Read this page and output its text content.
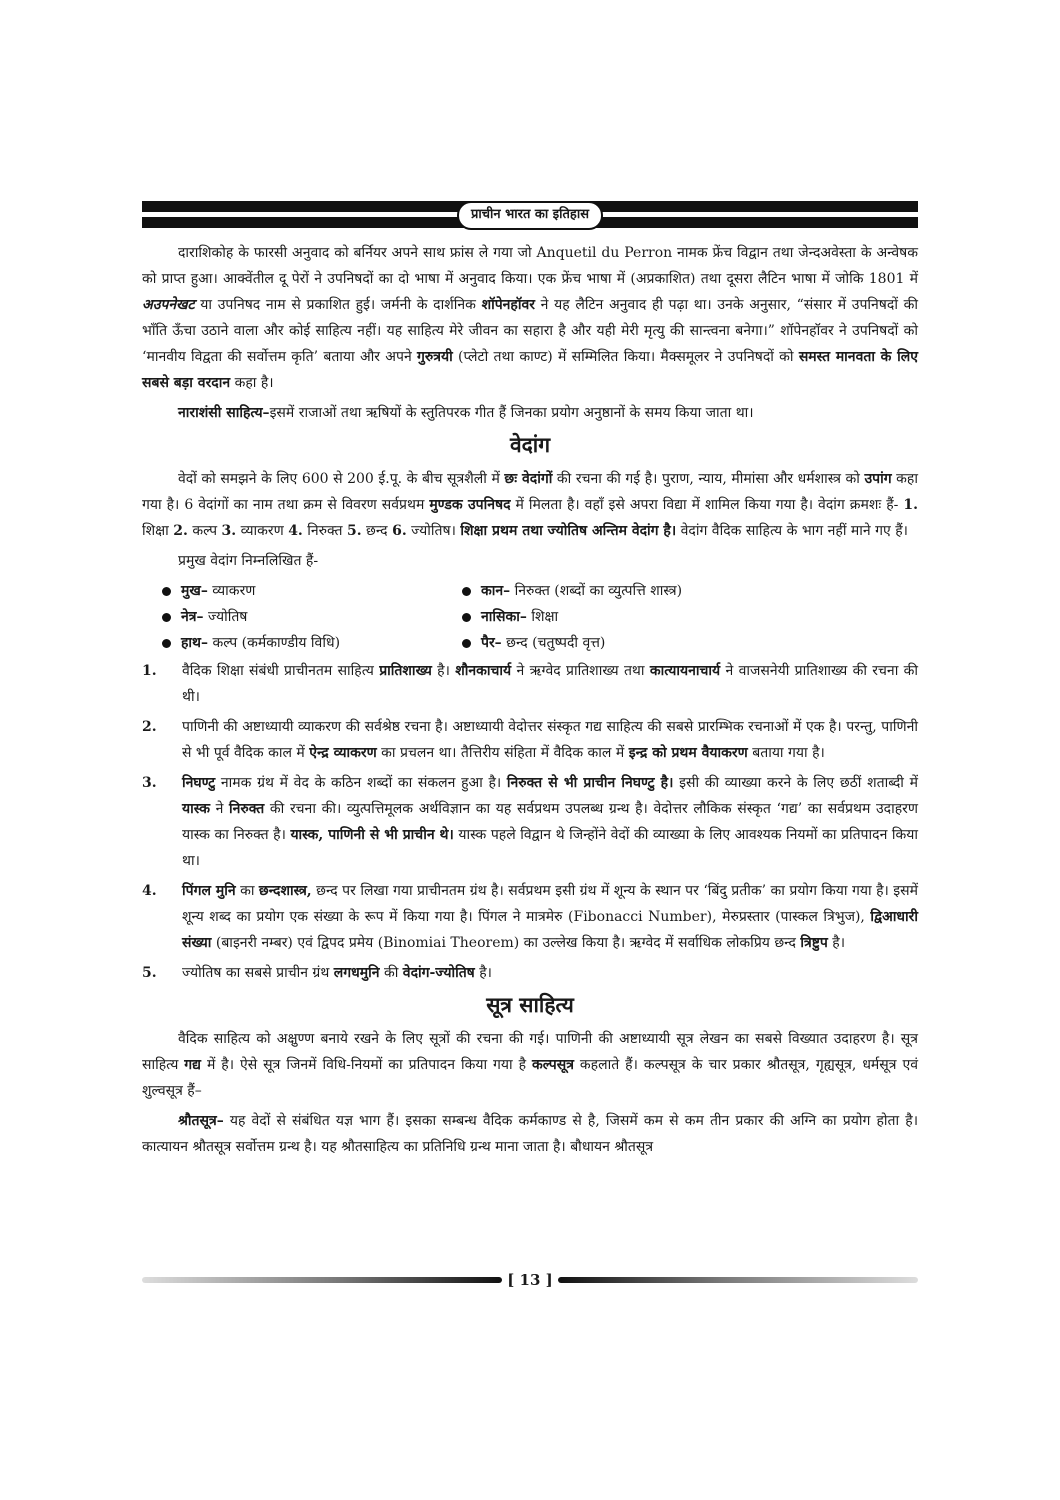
प्राचीन भारत का इतिहास

दाराशिकोह के फारसी अनुवाद को बर्नियर अपने साथ फ्रांस ले गया जो Anquetil du Perron नामक फ्रेंच विद्वान तथा जेन्दअवेस्ता के अन्वेषक को प्राप्त हुआ। आक्वेंतील दू पेरों ने उपनिषदों का दो भाषा में अनुवाद किया। एक फ्रेंच भाषा में (अप्रकाशित) तथा दूसरा लैटिन भाषा में जोकि 1801 में अउपनेखट या उपनिषद नाम से प्रकाशित हुई। जर्मनी के दार्शनिक शॉपेनहॉवर ने यह लैटिन अनुवाद ही पढ़ा था। उनके अनुसार, “संसार में उपनिषदों की भाँति ऊँचा उठाने वाला और कोई साहित्य नहीं। यह साहित्य मेरे जीवन का सहारा है और यही मेरी मृत्यु की सान्त्वना बनेगा।” शॉपेनहॉवर ने उपनिषदों को ‘मानवीय विद्वता की सर्वोत्तम कृति’ बताया और अपने गुरुत्रयी (प्लेटो तथा काण्ट) में सम्मिलित किया। मैक्समूलर ने उपनिषदों को समस्त मानवता के लिए सबसे बड़ा वरदान कहा है।

नाराशंसी साहित्य–इसमें राजाओं तथा ऋषियों के स्तुतिपरक गीत हैं जिनका प्रयोग अनुष्ठानों के समय किया जाता था।

वेदांग

वेदों को समझने के लिए 600 से 200 ई.पू. के बीच सूत्रशैली में छः वेदांगों की रचना की गई है। पुराण, न्याय, मीमांसा और धर्मशास्त्र को उपांग कहा गया है। 6 वेदांगों का नाम तथा क्रम से विवरण सर्वप्रथम मुण्डक उपनिषद में मिलता है। वहाँ इसे अपरा विद्या में शामिल किया गया है। वेदांग क्रमशः हैं- 1. शिक्षा 2. कल्प 3. व्याकरण 4. निरुक्त 5. छन्द 6. ज्योतिष। शिक्षा प्रथम तथा ज्योतिष अन्तिम वेदांग है। वेदांग वैदिक साहित्य के भाग नहीं माने गए हैं।

प्रमुख वेदांग निम्नलिखित हैं-

मुख– व्याकरण	कान– निरुक्त (शब्दों का व्युत्पत्ति शास्त्र)
नेत्र– ज्योतिष	नासिका– शिक्षा
हाथ– कल्प (कर्मकाण्डीय विधि)	पैर– छन्द (चतुष्पदी वृत्त)
1.	वैदिक शिक्षा संबंधी प्राचीनतम साहित्य प्रातिशाख्य है। शौनकाचार्य ने ऋग्वेद प्रातिशाख्य तथा कात्यायनाचार्य ने वाजसनेयी प्रातिशाख्य की रचना की थी।
2.	पाणिनी की अष्टाध्यायी व्याकरण की सर्वश्रेष्ठ रचना है। अष्टाध्यायी वेदोत्तर संस्कृत गद्य साहित्य की सबसे प्रारम्भिक रचनाओं में एक है। परन्तु, पाणिनी से भी पूर्व वैदिक काल में ऐन्द्र व्याकरण का प्रचलन था। तैत्तिरीय संहिता में वैदिक काल में इन्द्र को प्रथम वैयाकरण बताया गया है।
3.	निघण्टु नामक ग्रंथ में वेद के कठिन शब्दों का संकलन हुआ है। निरुक्त से भी प्राचीन निघण्टु है। इसी की व्याख्या करने के लिए छठीं शताब्दी में यास्क ने निरुक्त की रचना की। व्युत्पत्तिमूलक अर्थविज्ञान का यह सर्वप्रथम उपलब्ध ग्रन्थ है। वेदोत्तर लौकिक संस्कृत ‘गद्य’ का सर्वप्रथम उदाहरण यास्क का निरुक्त है। यास्क, पाणिनी से भी प्राचीन थे। यास्क पहले विद्वान थे जिन्होंने वेदों की व्याख्या के लिए आवश्यक नियमों का प्रतिपादन किया था।
4.	पिंगल मुनि का छन्दशास्त्र, छन्द पर लिखा गया प्राचीनतम ग्रंथ है। सर्वप्रथम इसी ग्रंथ में शून्य के स्थान पर ‘बिंदु प्रतीक’ का प्रयोग किया गया है। इसमें शून्य शब्द का प्रयोग एक संख्या के रूप में किया गया है। पिंगल ने मात्रमेरु (Fibonacci Number), मेरुप्रस्तार (पास्कल त्रिभुज), द्विआधारी संख्या (बाइनरी नम्बर) एवं द्विपद प्रमेय (Binomiai Theorem) का उल्लेख किया है। ऋग्वेद में सर्वाधिक लोकप्रिय छन्द त्रिष्टुप है।
5.	ज्योतिष का सबसे प्राचीन ग्रंथ लगधमुनि की वेदांग-ज्योतिष है।
सूत्र साहित्य

वैदिक साहित्य को अक्षुण्ण बनाये रखने के लिए सूत्रों की रचना की गई। पाणिनी की अष्टाध्यायी सूत्र लेखन का सबसे विख्यात उदाहरण है। सूत्र साहित्य गद्य में है। ऐसे सूत्र जिनमें विधि-नियमों का प्रतिपादन किया गया है कल्पसूत्र कहलाते हैं। कल्पसूत्र के चार प्रकार श्रौतसूत्र, गृह्यसूत्र, धर्मसूत्र एवं शुल्वसूत्र हैं–

श्रौतसूत्र– यह वेदों से संबंधित यज्ञ भाग हैं। इसका सम्बन्ध वैदिक कर्मकाण्ड से है, जिसमें कम से कम तीन प्रकार की अग्नि का प्रयोग होता है। कात्यायन श्रौतसूत्र सर्वोत्तम ग्रन्थ है। यह श्रौतसाहित्य का प्रतिनिधि ग्रन्थ माना जाता है। बौधायन श्रौतसूत्र

[ 13 ]
